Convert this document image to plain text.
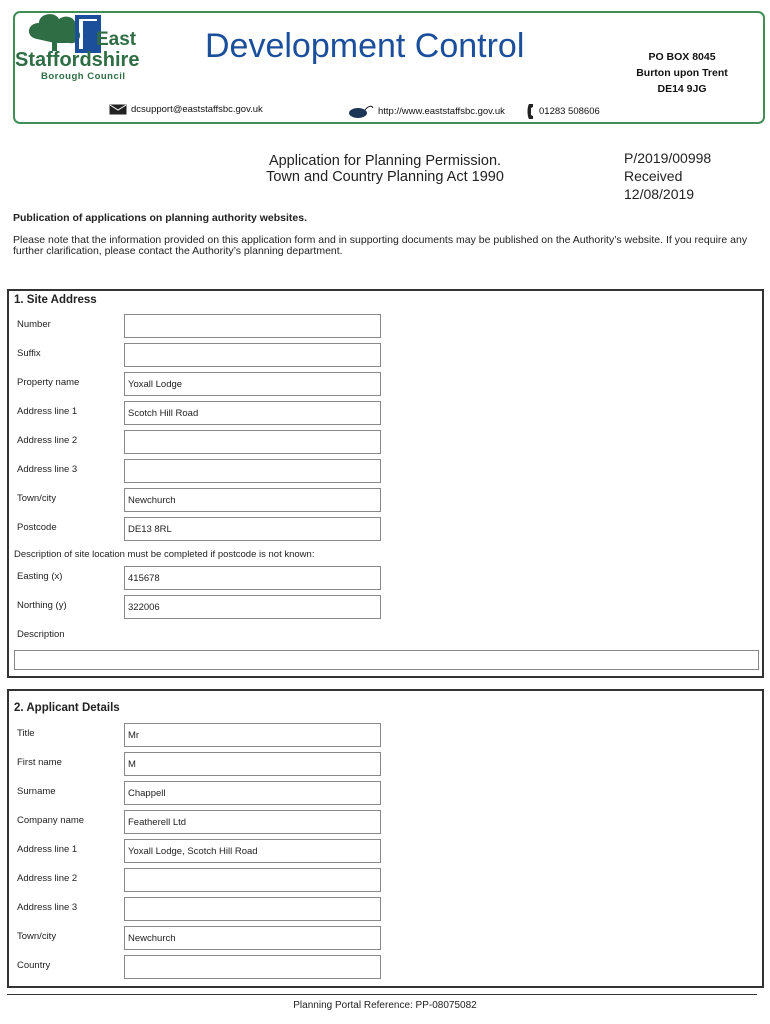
East
Staffordshire
Borough Council
Development Control	PO BOX 8045
Burton upon Trent
DE14 9JG
dcsupport@eaststaffsbc.gov.uk	http://www.eaststaffsbc.gov.uk	01283 508606
Application for Planning Permission.
Town and Country Planning Act 1990
P/2019/00998
Received
12/08/2019
Publication of applications on planning authority websites.
Please note that the information provided on this application form and in supporting documents may be published on the Authority’s website. If you require any further clarification, please contact the Authority’s planning department.
1. Site Address
Number
Suffix
Property name	Yoxall Lodge
Address line 1	Scotch Hill Road
Address line 2
Address line 3
Town/city	Newchurch
Postcode	DE13 8RL
Description of site location must be completed if postcode is not known:
Easting (x)	415678
Northing (y)	322006
Description
2. Applicant Details
Title	Mr
First name	M
Surname	Chappell
Company name	Featherell Ltd
Address line 1	Yoxall Lodge, Scotch Hill Road
Address line 2
Address line 3
Town/city	Newchurch
Country
Planning Portal Reference: PP-08075082
